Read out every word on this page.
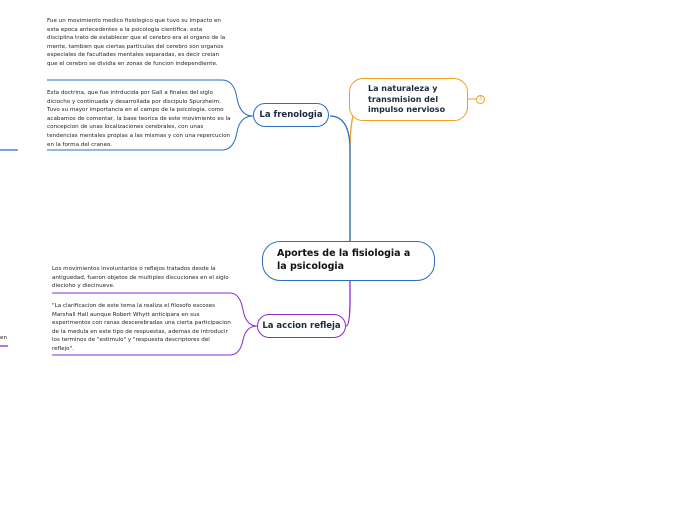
Aportes de la fisiologia a la psicologia
La frenologia
La accion refleja
La naturaleza y transmision del impulso nervioso
3
Fue un movimiento medico fisiologico que tuvo su impacto en esta epoca antecedentes a la psicologia cientifica. esta disciplina trato de establecer que el cerebro era el organo de la mente, tambien que ciertas particulas del cerebro son organos especiales de facultades mentales separadas, es decir creian que el cerebro se dividia en zonas de funcion independiente.
Esta doctrina, que fue intrducida por Gall a finales del siglo diciocho y continuada y desarrollada por discipulo Spurzheim. Tuvo su mayor importancia en el campo de la psicologia. como acabamos de comentar, la base teorica de este movimiento es la concepcion de unas localizaciones cerebrales, con unas tendencias mentales propias a las mismas y con una repercucion en la forma del craneo.
Los movimientos involuntarios o reflejos tratados desde la antiguedad, fueron objetos de multiples discuciones en el siglo diecioho y diecinueve.
"La clarificacion de este tema la realiza el filosofo escoses Marshall Hall aunque Robert Whytt anticipara en sus experimentos con ranas descerebradas una cierta participacion de la medula en este tipo de respuestas, ademas de introducir los terminos de "estimulo" y "respuesta descriptores del reflejo".
en
